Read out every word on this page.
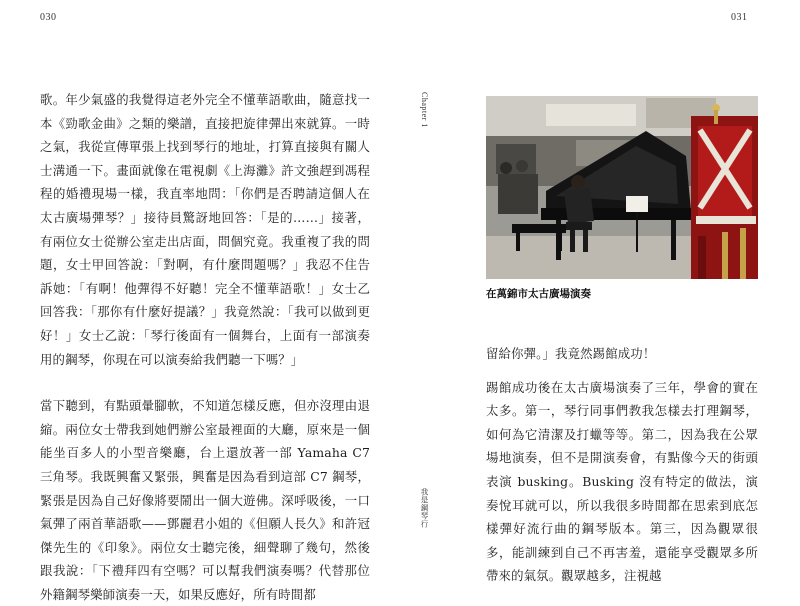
030	031

歌。年少氣盛的我覺得這老外完全不懂華語歌曲，隨意找一本《勁歌金曲》之類的樂譜，直接把旋律彈出來就算。一時之氣，我從宣傳單張上找到琴行的地址，打算直接與有關人士溝通一下。畫面就像在電視劇《上海灘》許文強趕到馮程程的婚禮現場一樣，我直率地問：「你們是否聘請這個人在太古廣場彈琴？」接待員驚訝地回答：「是的……」接著，有兩位女士從辦公室走出店面，問個究竟。我重複了我的問題，女士甲回答說：「對啊，有什麼問題嗎？」我忍不住告訴她：「有啊！他彈得不好聽！完全不懂華語歌！」女士乙回答我：「那你有什麼好提議？」我竟然說：「我可以做到更好！」女士乙說：「琴行後面有一個舞台，上面有一部演奏用的鋼琴，你現在可以演奏給我們聽一下嗎？」

當下聽到，有點頭暈腳軟，不知道怎樣反應，但亦沒理由退縮。兩位女士帶我到她們辦公室最裡面的大廳，原來是一個能坐百多人的小型音樂廳，台上還放著一部 Yamaha C7 三角琴。我既興奮又緊張，興奮是因為看到這部 C7 鋼琴，緊張是因為自己好像將要鬧出一個大遊佛。深呼吸後，一口氣彈了兩首華語歌——鄧麗君小姐的《但願人長久》和許冠傑先生的《印象》。兩位女士聽完後，細聲聊了幾句，然後跟我說：「下禮拜四有空嗎？可以幫我們演奏嗎？代替那位外籍鋼琴樂師演奏一天，如果反應好，所有時間都

Chapter 1
我是鋼琴行
在萬錦市太古廣場演奏

留給你彈。」我竟然踢館成功！

踢館成功後在太古廣場演奏了三年，學會的實在太多。第一，琴行同事們教我怎樣去打理鋼琴，如何為它清潔及打蠟等等。第二，因為我在公眾場地演奏，但不是開演奏會，有點像今天的街頭表演 busking。Busking 沒有特定的做法，演奏悅耳就可以，所以我很多時間都在思索到底怎樣彈好流行曲的鋼琴版本。第三，因為觀眾很多，能訓練到自己不再害羞，還能享受觀眾多所帶來的氣氛。觀眾越多，注視越
